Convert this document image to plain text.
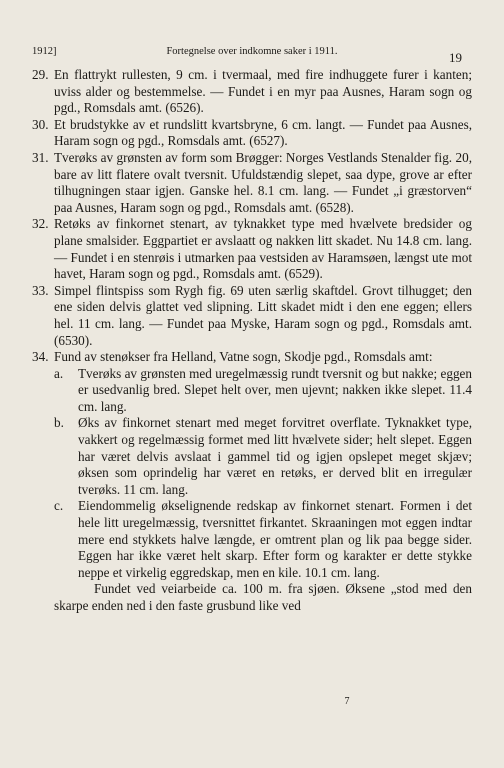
1912]	Fortegnelse over indkomne saker i 1911.	19
29. En flattrykt rullesten, 9 cm. i tvermaal, med fire indhuggete furer i kanten; uviss alder og bestemmelse. — Fundet i en myr paa Ausnes, Haram sogn og pgd., Romsdals amt. (6526).
30. Et brudstykke av et rundslitt kvartsbryne, 6 cm. langt. — Fundet paa Ausnes, Haram sogn og pgd., Romsdals amt. (6527).
31. Tverøks av grønsten av form som Brøgger: Norges Vestlands Stenalder fig. 20, bare av litt flatere ovalt tversnit. Ufuldstændig slepet, saa dype, grove ar efter tilhugningen staar igjen. Ganske hel. 8.1 cm. lang. — Fundet „i græstorven“ paa Ausnes, Haram sogn og pgd., Romsdals amt. (6528).
32. Retøks av finkornet stenart, av tyknakket type med hvælvete bredsider og plane smalsider. Eggpartiet er avslaatt og nakken litt skadet. Nu 14.8 cm. lang. — Fundet i en stenrøis i utmarken paa vestsiden av Haramsøen, længst ute mot havet, Haram sogn og pgd., Romsdals amt. (6529).
33. Simpel flintspiss som Rygh fig. 69 uten særlig skaftdel. Grovt tilhugget; den ene siden delvis glattet ved slipning. Litt skadet midt i den ene eggen; ellers hel. 11 cm. lang. — Fundet paa Myske, Haram sogn og pgd., Romsdals amt. (6530).
34. Fund av stenøkser fra Helland, Vatne sogn, Skodje pgd., Romsdals amt:
a.	Tverøks av grønsten med uregelmæssig rundt tversnit og but nakke; eggen er usedvanlig bred. Slepet helt over, men ujevnt; nakken ikke slepet. 11.4 cm. lang.
b.	Øks av finkornet stenart med meget forvitret overflate. Tyknakket type, vakkert og regelmæssig formet med litt hvælvete sider; helt slepet. Eggen har været delvis avslaat i gammel tid og igjen opslepet meget skjæv; øksen som oprindelig har været en retøks, er derved blit en irregulær tverøks. 11 cm. lang.
c.	Eiendommelig økselignende redskap av finkornet stenart. Formen i det hele litt uregelmæssig, tversnittet firkantet. Skraaningen mot eggen indtar mere end stykkets halve længde, er omtrent plan og lik paa begge sider. Eggen har ikke været helt skarp. Efter form og karakter er dette stykke neppe et virkelig eggredskap, men en kile. 10.1 cm. lang.
Fundet ved veiarbeide ca. 100 m. fra sjøen. Øksene „stod med den skarpe enden ned i den faste grusbund like ved
7
